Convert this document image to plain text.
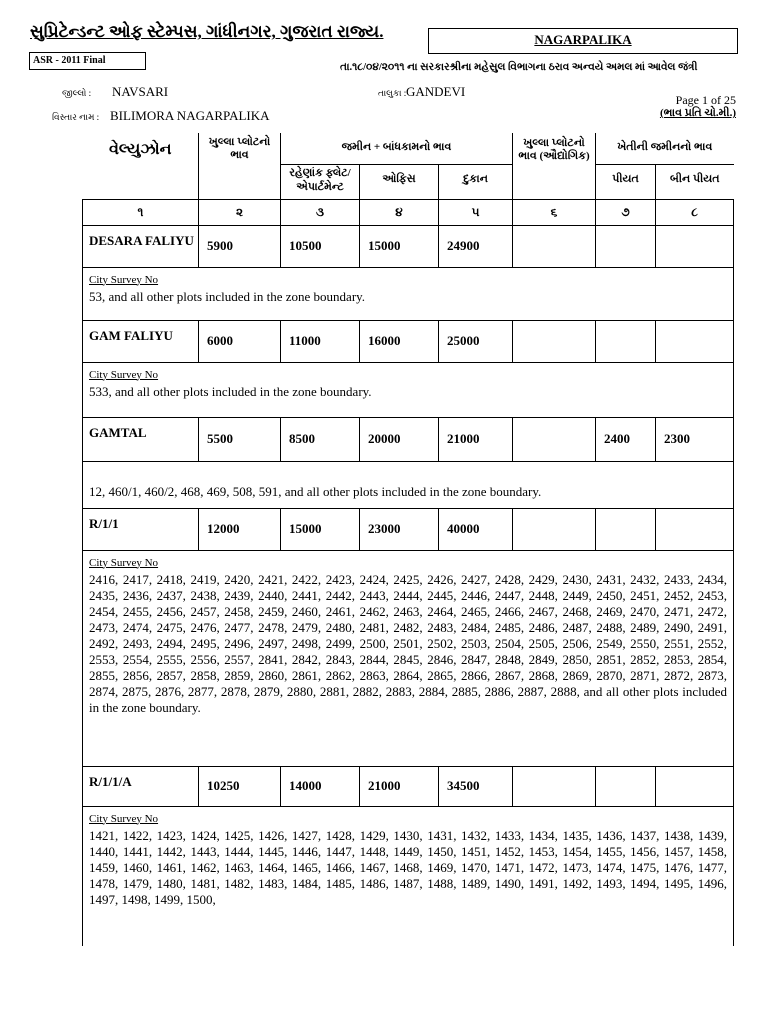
સુપ્રિટેન્ડન્ટ ઓફ સ્ટેમ્પસ, ગાંધીનગર, ગુજરાત રાજ્ય.	NAGARPALIKA
ASR - 2011 Final
તા.૧૮/૦૪/૨૦૧૧ ના સરકારશ્રીના મહેસુલ વિભાગના ઠરાવ અન્વયે અમલ માં આવેલ જંત્રી
જીલ્લો : NAVSARI	તાલુકા : GANDEVI
વિસ્તાર નામ : BILIMORA NAGARPALIKA
Page 1 of 25
(ભાવ પ્રતિ ચો.મી.)
વેલ્યુઝોન	ખુલ્લા પ્લોટનો ભાવ	જમીન + બાંધકામનો ભાવ			ખુલ્લા પ્લોટનો ભાવ (ઔદ્યોગિક)	ખેતીની જમીનનો ભાવ	
		રહેણાંક ફ્લેટ/ એપાર્ટમેન્ટ	ઓફિસ	દુકાન		પીયત	બીન પીયત
૧	૨	૩	૪	૫	૬	૭	૮
DESARA FALIYU	5900	10500	15000	24900			

City Survey No
53, and all other plots included in the zone boundary.							

GAM FALIYU	6000	11000	16000	25000			

City Survey No
533, and all other plots included in the zone boundary.							

GAMTAL	5500	8500	20000	21000		2400	2300

12, 460/1, 460/2, 468, 469, 508, 591, and all other plots included in the zone boundary.							

R/1/1	12000	15000	23000	40000			

City Survey No
2416, 2417, 2418, 2419, 2420, 2421, 2422, 2423, 2424, 2425, 2426, 2427, 2428, 2429, 2430, 2431, 2432, 2433, 2434, 2435, 2436, 2437, 2438, 2439, 2440, 2441, 2442, 2443, 2444, 2445, 2446, 2447, 2448, 2449, 2450, 2451, 2452, 2453, 2454, 2455, 2456, 2457, 2458, 2459, 2460, 2461, 2462, 2463, 2464, 2465, 2466, 2467, 2468, 2469, 2470, 2471, 2472, 2473, 2474, 2475, 2476, 2477, 2478, 2479, 2480, 2481, 2482, 2483, 2484, 2485, 2486, 2487, 2488, 2489, 2490, 2491, 2492, 2493, 2494, 2495, 2496, 2497, 2498, 2499, 2500, 2501, 2502, 2503, 2504, 2505, 2506, 2549, 2550, 2551, 2552, 2553, 2554, 2555, 2556, 2557, 2841, 2842, 2843, 2844, 2845, 2846, 2847, 2848, 2849, 2850, 2851, 2852, 2853, 2854, 2855, 2856, 2857, 2858, 2859, 2860, 2861, 2862, 2863, 2864, 2865, 2866, 2867, 2868, 2869, 2870, 2871, 2872, 2873, 2874, 2875, 2876, 2877, 2878, 2879, 2880, 2881, 2882, 2883, 2884, 2885, 2886, 2887, 2888, and all other plots included in the zone boundary.							

R/1/1/A	10250	14000	21000	34500			

City Survey No
1421, 1422, 1423, 1424, 1425, 1426, 1427, 1428, 1429, 1430, 1431, 1432, 1433, 1434, 1435, 1436, 1437, 1438, 1439, 1440, 1441, 1442, 1443, 1444, 1445, 1446, 1447, 1448, 1449, 1450, 1451, 1452, 1453, 1454, 1455, 1456, 1457, 1458, 1459, 1460, 1461, 1462, 1463, 1464, 1465, 1466, 1467, 1468, 1469, 1470, 1471, 1472, 1473, 1474, 1475, 1476, 1477, 1478, 1479, 1480, 1481, 1482, 1483, 1484, 1485, 1486, 1487, 1488, 1489, 1490, 1491, 1492, 1493, 1494, 1495, 1496, 1497, 1498, 1499, 1500,							
